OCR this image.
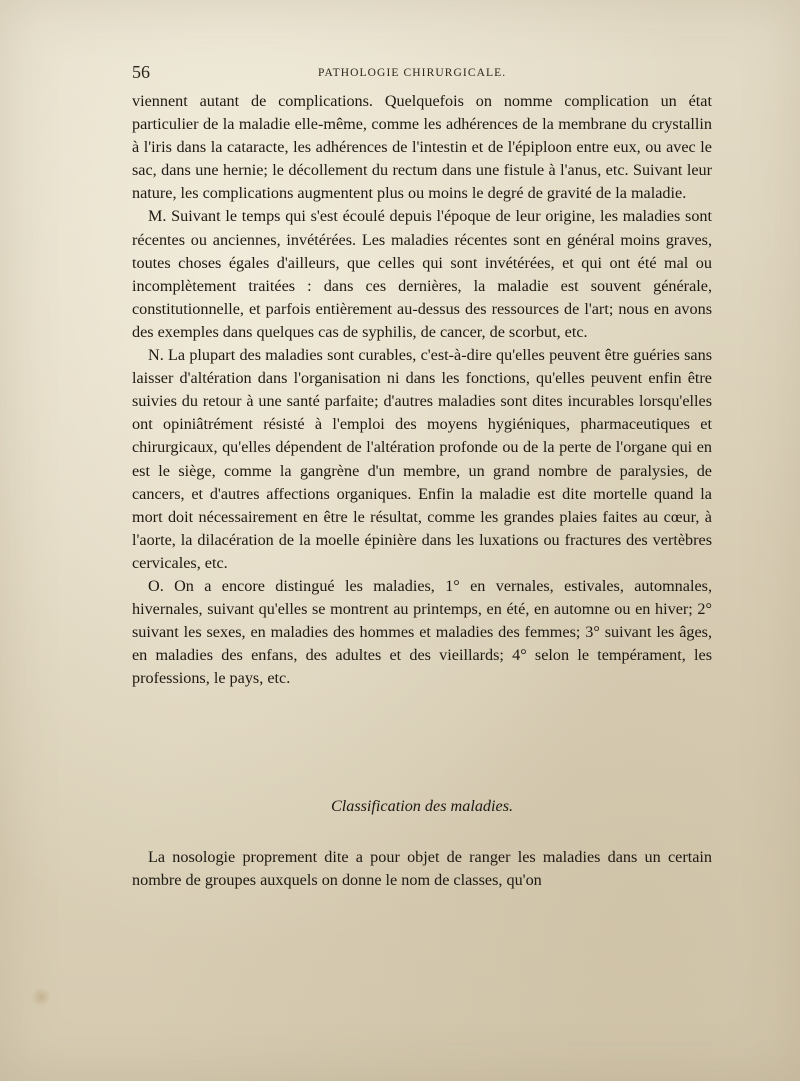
56	PATHOLOGIE CHIRURGICALE.

viennent autant de complications. Quelquefois on nomme complication un état particulier de la maladie elle-même, comme les adhérences de la membrane du crystallin à l'iris dans la cataracte, les adhérences de l'intestin et de l'épiploon entre eux, ou avec le sac, dans une hernie; le décollement du rectum dans une fistule à l'anus, etc. Suivant leur nature, les complications augmentent plus ou moins le degré de gravité de la maladie.

M. Suivant le temps qui s'est écoulé depuis l'époque de leur origine, les maladies sont récentes ou anciennes, invétérées. Les maladies récentes sont en général moins graves, toutes choses égales d'ailleurs, que celles qui sont invétérées, et qui ont été mal ou incomplètement traitées : dans ces dernières, la maladie est souvent générale, constitutionnelle, et parfois entièrement au-dessus des ressources de l'art; nous en avons des exemples dans quelques cas de syphilis, de cancer, de scorbut, etc.

N. La plupart des maladies sont curables, c'est-à-dire qu'elles peuvent être guéries sans laisser d'altération dans l'organisation ni dans les fonctions, qu'elles peuvent enfin être suivies du retour à une santé parfaite; d'autres maladies sont dites incurables lorsqu'elles ont opiniâtrément résisté à l'emploi des moyens hygiéniques, pharmaceutiques et chirurgicaux, qu'elles dépendent de l'altération profonde ou de la perte de l'organe qui en est le siège, comme la gangrène d'un membre, un grand nombre de paralysies, de cancers, et d'autres affections organiques. Enfin la maladie est dite mortelle quand la mort doit nécessairement en être le résultat, comme les grandes plaies faites au cœur, à l'aorte, la dilacération de la moelle épinière dans les luxations ou fractures des vertèbres cervicales, etc.

O. On a encore distingué les maladies, 1° en vernales, estivales, automnales, hivernales, suivant qu'elles se montrent au printemps, en été, en automne ou en hiver; 2° suivant les sexes, en maladies des hommes et maladies des femmes; 3° suivant les âges, en maladies des enfans, des adultes et des vieillards; 4° selon le tempérament, les professions, le pays, etc.

Classification des maladies.

La nosologie proprement dite a pour objet de ranger les maladies dans un certain nombre de groupes auxquels on donne le nom de classes, qu'on
